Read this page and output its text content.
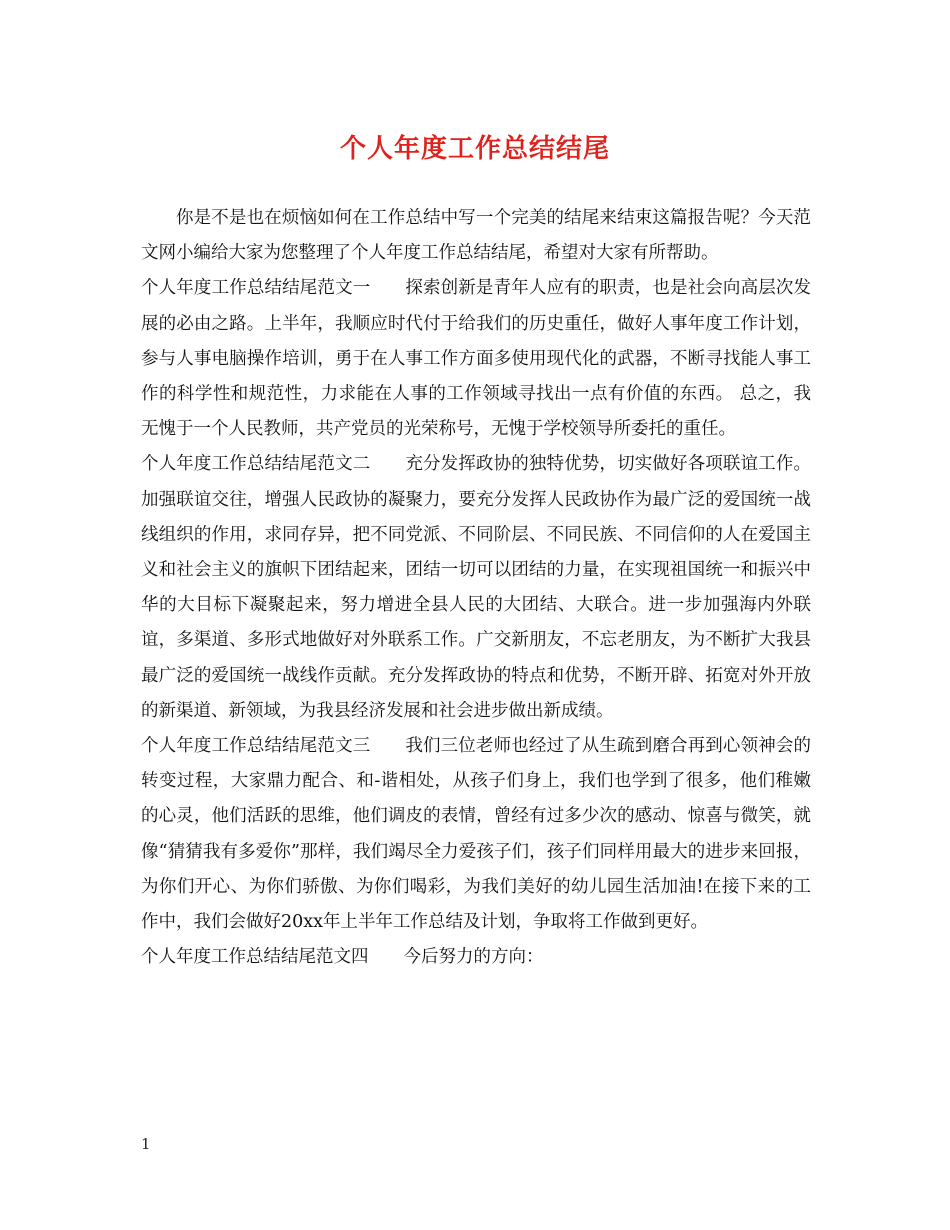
个人年度工作总结结尾

你是不是也在烦恼如何在工作总结中写一个完美的结尾来结束这篇报告呢？今天范文网小编给大家为您整理了个人年度工作总结结尾，希望对大家有所帮助。

个人年度工作总结结尾范文一 探索创新是青年人应有的职责，也是社会向高层次发展的必由之路。上半年，我顺应时代付于给我们的历史重任，做好人事年度工作计划，参与人事电脑操作培训，勇于在人事工作方面多使用现代化的武器，不断寻找能人事工作的科学性和规范性，力求能在人事的工作领域寻找出一点有价值的东西。 总之，我无愧于一个人民教师，共产党员的光荣称号，无愧于学校领导所委托的重任。

个人年度工作总结结尾范文二 充分发挥政协的独特优势，切实做好各项联谊工作。加强联谊交往，增强人民政协的凝聚力，要充分发挥人民政协作为最广泛的爱国统一战线组织的作用，求同存异，把不同党派、不同阶层、不同民族、不同信仰的人在爱国主义和社会主义的旗帜下团结起来，团结一切可以团结的力量，在实现祖国统一和振兴中华的大目标下凝聚起来，努力增进全县人民的大团结、大联合。进一步加强海内外联谊，多渠道、多形式地做好对外联系工作。广交新朋友，不忘老朋友，为不断扩大我县最广泛的爱国统一战线作贡献。充分发挥政协的特点和优势，不断开辟、拓宽对外开放的新渠道、新领域，为我县经济发展和社会进步做出新成绩。

个人年度工作总结结尾范文三 我们三位老师也经过了从生疏到磨合再到心领神会的转变过程，大家鼎力配合、和-谐相处，从孩子们身上，我们也学到了很多，他们稚嫩的心灵，他们活跃的思维，他们调皮的表情，曾经有过多少次的感动、惊喜与微笑，就像“猜猜我有多爱你”那样，我们竭尽全力爱孩子们，孩子们同样用最大的进步来回报，为你们开心、为你们骄傲、为你们喝彩，为我们美好的幼儿园生活加油!在接下来的工作中，我们会做好20xx年上半年工作总结及计划，争取将工作做到更好。

个人年度工作总结结尾范文四 今后努力的方向：

1
